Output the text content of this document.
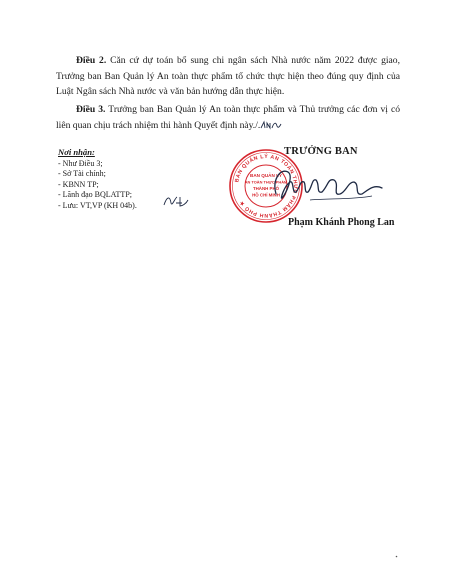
Điều 2. Căn cứ dự toán bổ sung chi ngân sách Nhà nước năm 2022 được giao, Trưởng ban Ban Quản lý An toàn thực phẩm tổ chức thực hiện theo đúng quy định của Luật Ngân sách Nhà nước và văn bản hướng dẫn thực hiện.

Điều 3. Trưởng ban Ban Quản lý An toàn thực phẩm và Thủ trưởng các đơn vị có liên quan chịu trách nhiệm thi hành Quyết định này./.

Nơi nhận:
- Như Điều 3;
- Sở Tài chính;
- KBNN TP;
- Lãnh đạo BQLATTP;
- Lưu: VT,VP (KH 04b).
TRƯỞNG BAN
BAN QUẢN LÝ AN TOÀN THỰC PHẨM THÀNH PHỐ ★
BAN QUẢN LÝ
AN TOÀN THỰC PHẨM
THÀNH PHỐ
HỒ CHÍ MINH
Phạm Khánh Phong Lan
